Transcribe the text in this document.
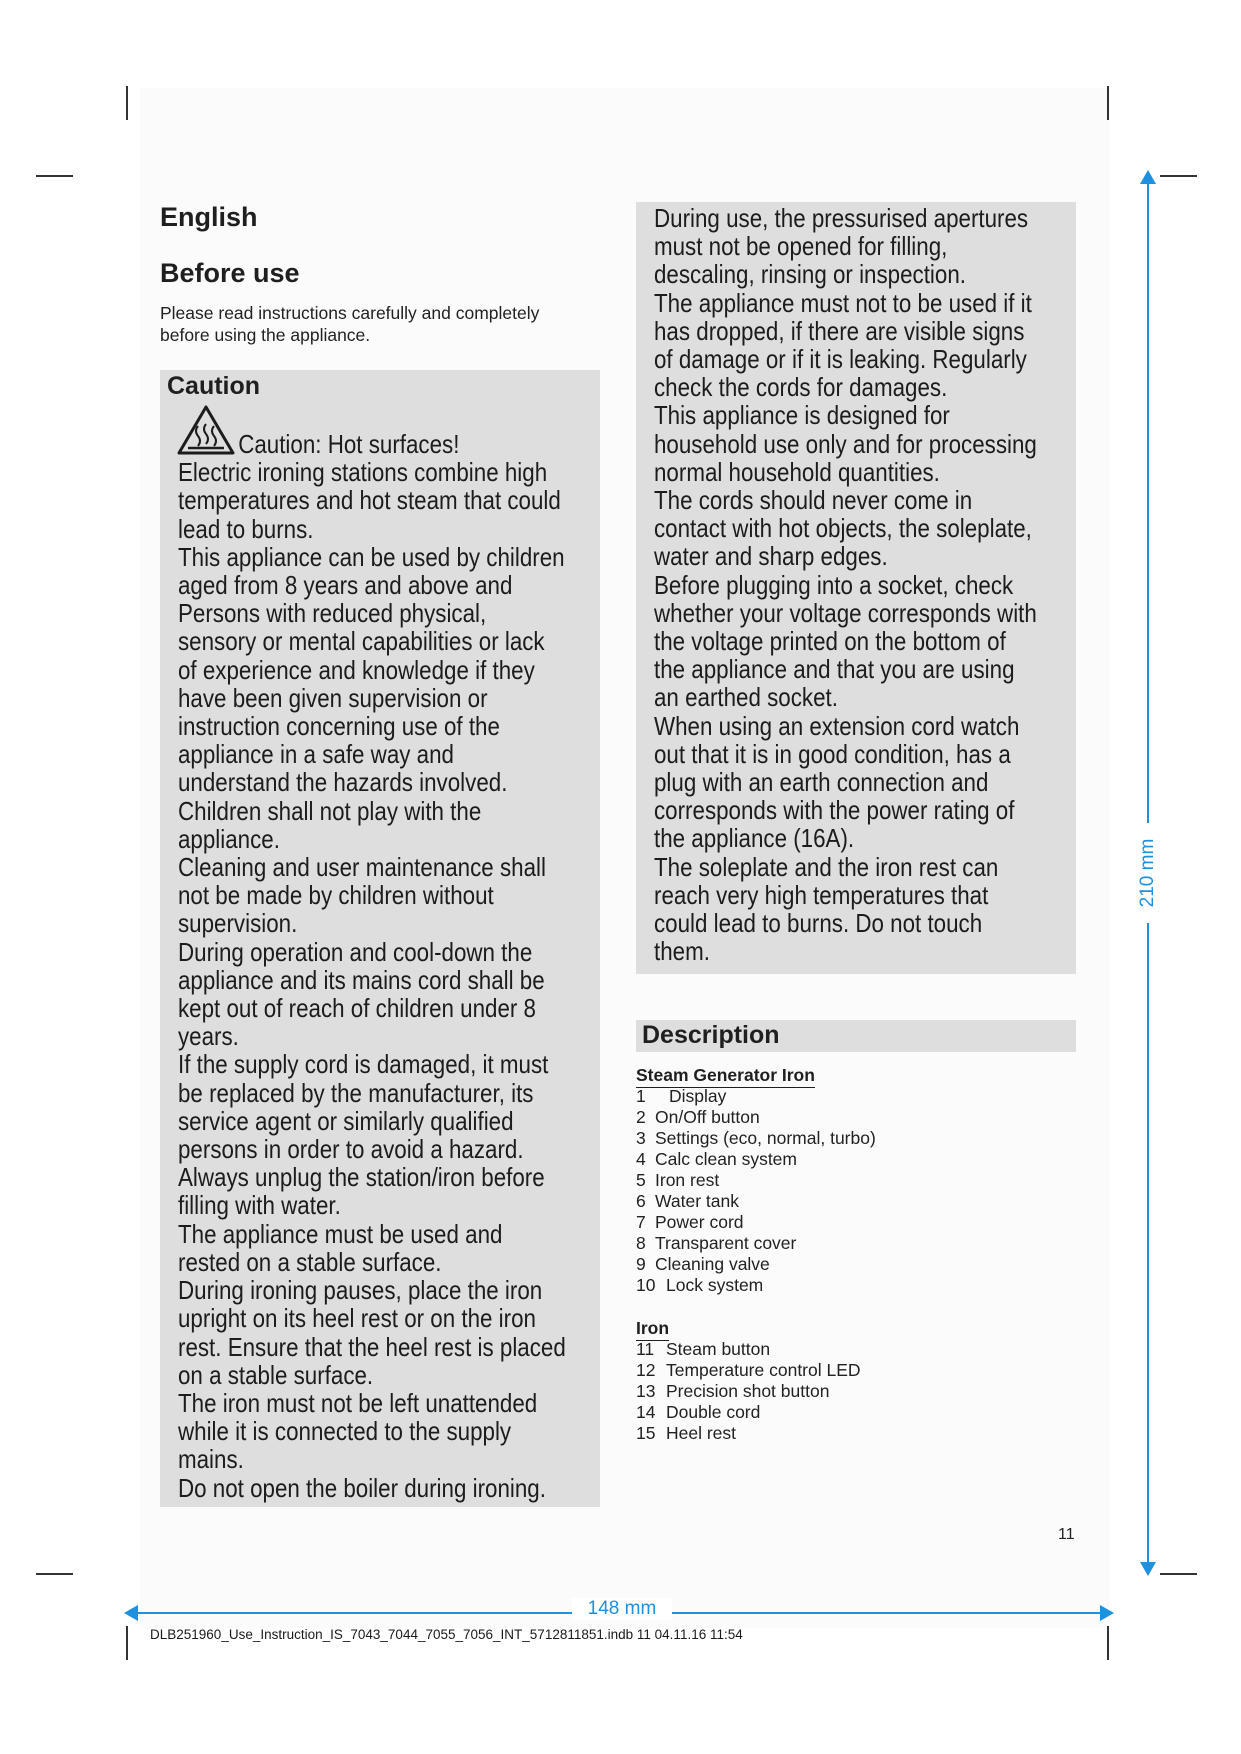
English
Before use
Please read instructions carefully and completely
before using the appliance.
Caution

Caution: Hot surfaces!

Electric ironing stations combine high

temperatures and hot steam that could

lead to burns.

This appliance can be used by children

aged from 8 years and above and

Persons with reduced physical,

sensory or mental capabilities or lack

of experience and knowledge if they

have been given supervision or

instruction concerning use of the

appliance in a safe way and

understand the hazards involved.

Children shall not play with the

appliance.

Cleaning and user maintenance shall

not be made by children without

supervision.

During operation and cool-down the

appliance and its mains cord shall be

kept out of reach of children under 8

years.

If the supply cord is damaged, it must

be replaced by the manufacturer, its

service agent or similarly qualified

persons in order to avoid a hazard.

Always unplug the station/iron before

filling with water.

The appliance must be used and

rested on a stable surface.

During ironing pauses, place the iron

upright on its heel rest or on the iron

rest. Ensure that the heel rest is placed

on a stable surface.

The iron must not be left unattended

while it is connected to the supply

mains.

Do not open the boiler during ironing.

During use, the pressurised apertures

must not be opened for filling,

descaling, rinsing or inspection.

The appliance must not to be used if it

has dropped, if there are visible signs

of damage or if it is leaking. Regularly

check the cords for damages.

This appliance is designed for

household use only and for processing

normal household quantities.

The cords should never come in

contact with hot objects, the soleplate,

water and sharp edges.

Before plugging into a socket, check

whether your voltage corresponds with

the voltage printed on the bottom of

the appliance and that you are using

an earthed socket.

When using an extension cord watch

out that it is in good condition, has a

plug with an earth connection and

corresponds with the power rating of

the appliance (16A).

The soleplate and the iron rest can

reach very high temperatures that

could lead to burns. Do not touch

them.

Description
Steam Generator Iron
1 Display
2 On/Off button
3 Settings (eco, normal, turbo)
4 Calc clean system
5 Iron rest
6 Water tank
7 Power cord
8 Transparent cover
9 Cleaning valve
10 Lock system
Iron
11 Steam button
12 Temperature control LED
13 Precision shot button
14 Double cord
15 Heel rest
11
210 mm
148 mm
DLB251960_Use_Instruction_IS_7043_7044_7055_7056_INT_5712811851.indb 11 04.11.16 11:54
